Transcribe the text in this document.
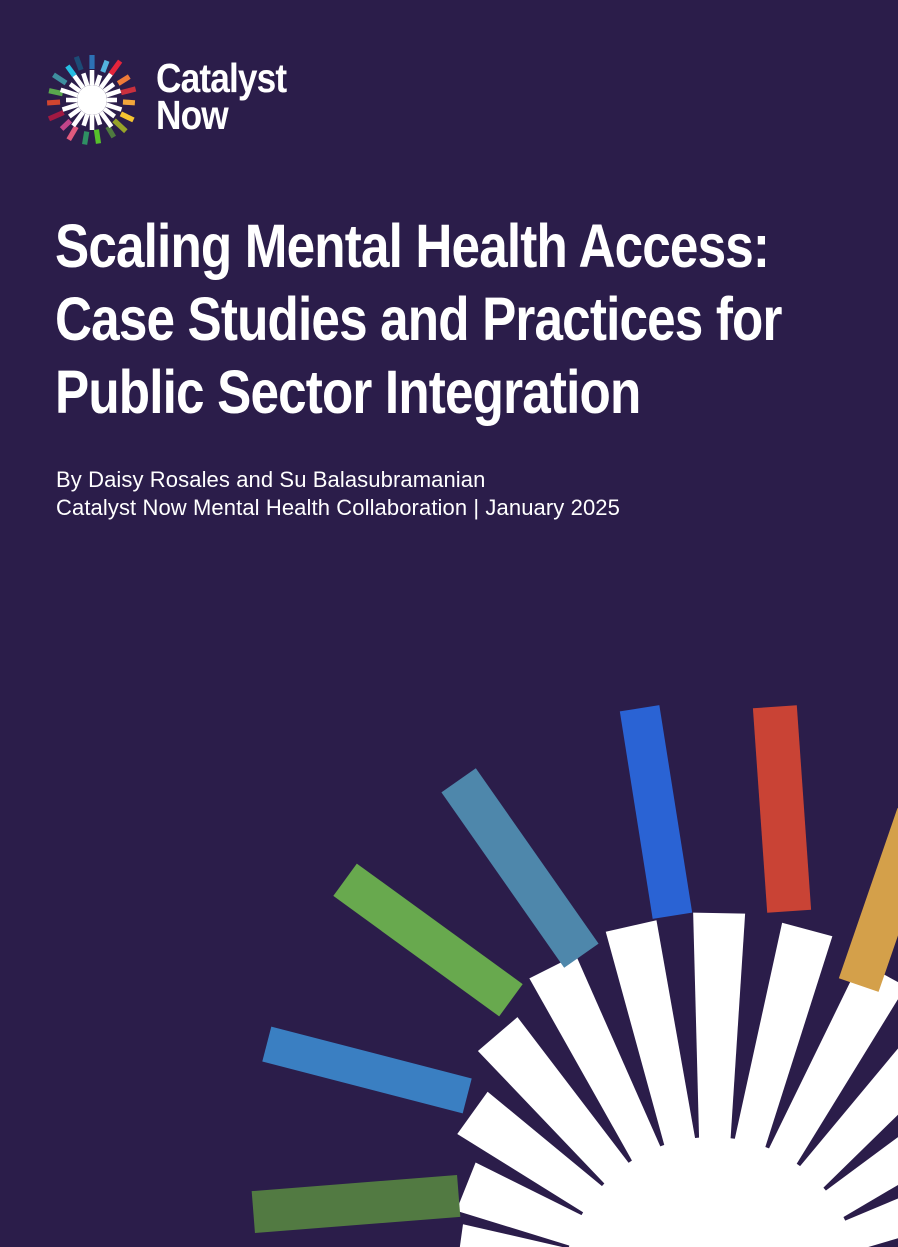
Catalyst
Now
Scaling Mental Health Access:
Case Studies and Practices for
Public Sector Integration

By Daisy Rosales and Su Balasubramanian
Catalyst Now Mental Health Collaboration | January 2025
